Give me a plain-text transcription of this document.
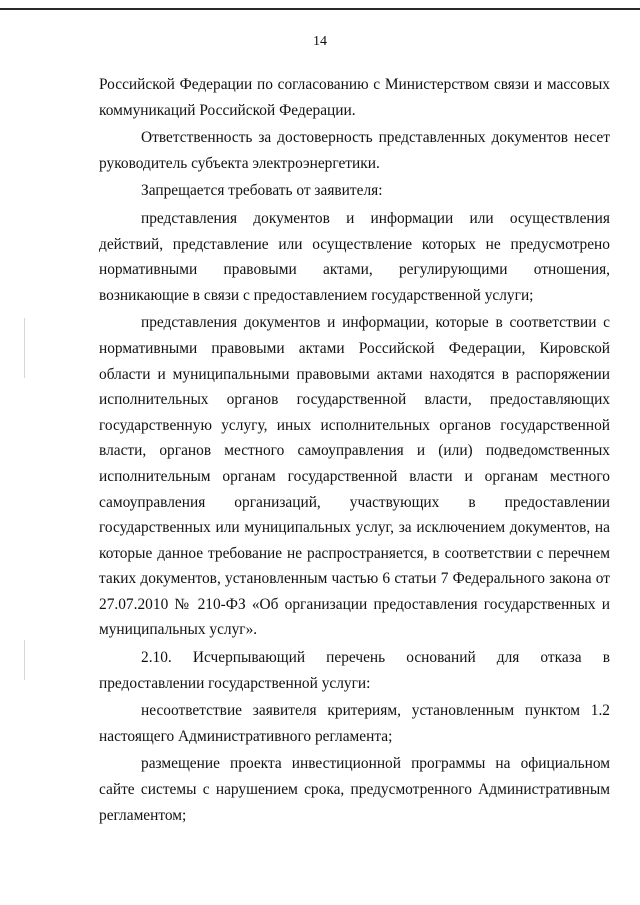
14
Российской Федерации по согласованию с Министерством связи и массовых
коммуникаций Российской Федерации.
Ответственность за достоверность представленных документов несет
руководитель субъекта электроэнергетики.
Запрещается требовать от заявителя:
представления документов и информации или осуществления
действий, представление или осуществление которых не предусмотрено
нормативными правовыми актами, регулирующими отношения,
возникающие в связи с предоставлением государственной услуги;
представления документов и информации, которые в соответствии с
нормативными правовыми актами Российской Федерации, Кировской
области и муниципальными правовыми актами находятся в распоряжении
исполнительных органов государственной власти, предоставляющих
государственную услугу, иных исполнительных органов государственной
власти, органов местного самоуправления и (или) подведомственных
исполнительным органам государственной власти и органам местного
самоуправления организаций, участвующих в предоставлении
государственных или муниципальных услуг, за исключением документов, на
которые данное требование не распространяется, в соответствии с перечнем
таких документов, установленным частью 6 статьи 7 Федерального закона от
27.07.2010 № 210-ФЗ «Об организации предоставления государственных и
муниципальных услуг».
2.10. Исчерпывающий перечень оснований для отказа в
предоставлении государственной услуги:
несоответствие заявителя критериям, установленным пунктом 1.2
настоящего Административного регламента;
размещение проекта инвестиционной программы на официальном
сайте системы с нарушением срока, предусмотренного Административным
регламентом;
